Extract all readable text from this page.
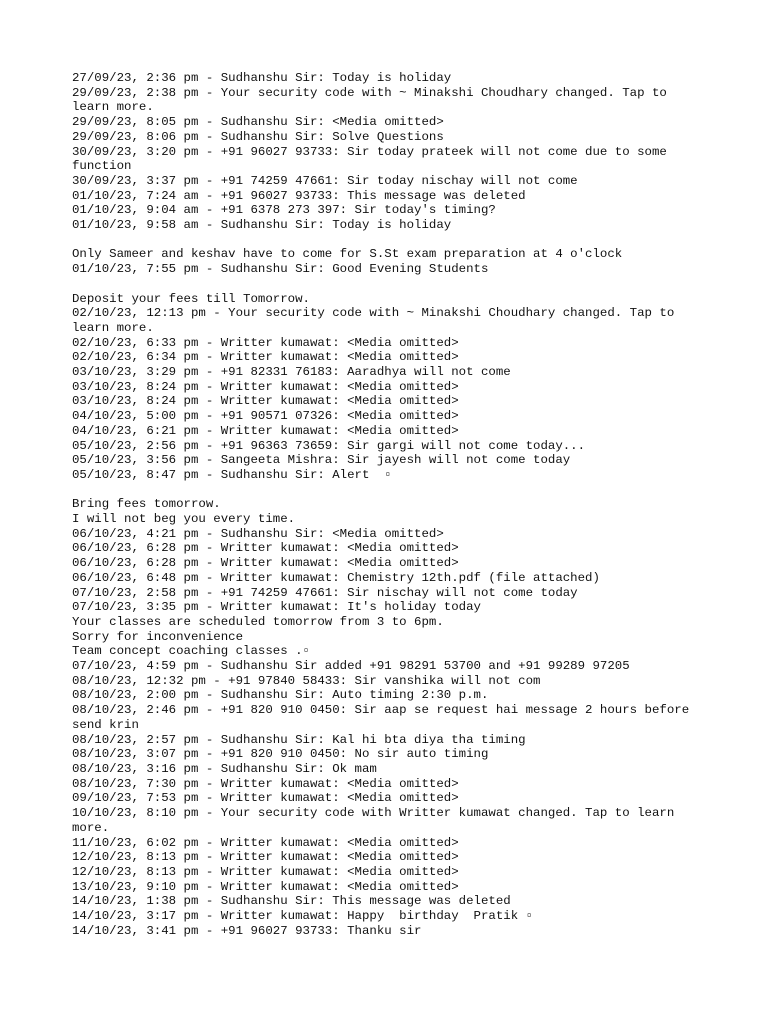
27/09/23, 2:36 pm - Sudhanshu Sir: Today is holiday
29/09/23, 2:38 pm - Your security code with ~ Minakshi Choudhary changed. Tap to learn more.
29/09/23, 8:05 pm - Sudhanshu Sir: <Media omitted>
29/09/23, 8:06 pm - Sudhanshu Sir: Solve Questions
30/09/23, 3:20 pm - +91 96027 93733: Sir today prateek will not come due to some function
30/09/23, 3:37 pm - +91 74259 47661: Sir today nischay will not come
01/10/23, 7:24 am - +91 96027 93733: This message was deleted
01/10/23, 9:04 am - +91 6378 273 397: Sir today's timing?
01/10/23, 9:58 am - Sudhanshu Sir: Today is holiday
Only Sameer and keshav have to come for S.St exam preparation at 4 o'clock
01/10/23, 7:55 pm - Sudhanshu Sir: Good Evening Students
Deposit your fees till Tomorrow.
02/10/23, 12:13 pm - Your security code with ~ Minakshi Choudhary changed. Tap to learn more.
02/10/23, 6:33 pm - Writter kumawat: <Media omitted>
02/10/23, 6:34 pm - Writter kumawat: <Media omitted>
03/10/23, 3:29 pm - +91 82331 76183: Aaradhya will not come
03/10/23, 8:24 pm - Writter kumawat: <Media omitted>
03/10/23, 8:24 pm - Writter kumawat: <Media omitted>
04/10/23, 5:00 pm - +91 90571 07326: <Media omitted>
04/10/23, 6:21 pm - Writter kumawat: <Media omitted>
05/10/23, 2:56 pm - +91 96363 73659: Sir gargi will not come today...
05/10/23, 3:56 pm - Sangeeta Mishra: Sir jayesh will not come today
05/10/23, 8:47 pm - Sudhanshu Sir: Alert  ▫
Bring fees tomorrow.
I will not beg you every time.
06/10/23, 4:21 pm - Sudhanshu Sir: <Media omitted>
06/10/23, 6:28 pm - Writter kumawat: <Media omitted>
06/10/23, 6:28 pm - Writter kumawat: <Media omitted>
06/10/23, 6:48 pm - Writter kumawat: Chemistry 12th.pdf (file attached)
07/10/23, 2:58 pm - +91 74259 47661: Sir nischay will not come today
07/10/23, 3:35 pm - Writter kumawat: It's holiday today
Your classes are scheduled tomorrow from 3 to 6pm.
Sorry for inconvenience
Team concept coaching classes .▫
07/10/23, 4:59 pm - Sudhanshu Sir added +91 98291 53700 and +91 99289 97205
08/10/23, 12:32 pm - +91 97840 58433: Sir vanshika will not com
08/10/23, 2:00 pm - Sudhanshu Sir: Auto timing 2:30 p.m.
08/10/23, 2:46 pm - +91 820 910 0450: Sir aap se request hai message 2 hours before send krin
08/10/23, 2:57 pm - Sudhanshu Sir: Kal hi bta diya tha timing
08/10/23, 3:07 pm - +91 820 910 0450: No sir auto timing
08/10/23, 3:16 pm - Sudhanshu Sir: Ok mam
08/10/23, 7:30 pm - Writter kumawat: <Media omitted>
09/10/23, 7:53 pm - Writter kumawat: <Media omitted>
10/10/23, 8:10 pm - Your security code with Writter kumawat changed. Tap to learn more.
11/10/23, 6:02 pm - Writter kumawat: <Media omitted>
12/10/23, 8:13 pm - Writter kumawat: <Media omitted>
12/10/23, 8:13 pm - Writter kumawat: <Media omitted>
13/10/23, 9:10 pm - Writter kumawat: <Media omitted>
14/10/23, 1:38 pm - Sudhanshu Sir: This message was deleted
14/10/23, 3:17 pm - Writter kumawat: Happy  birthday  Pratik ▫
14/10/23, 3:41 pm - +91 96027 93733: Thanku sir
